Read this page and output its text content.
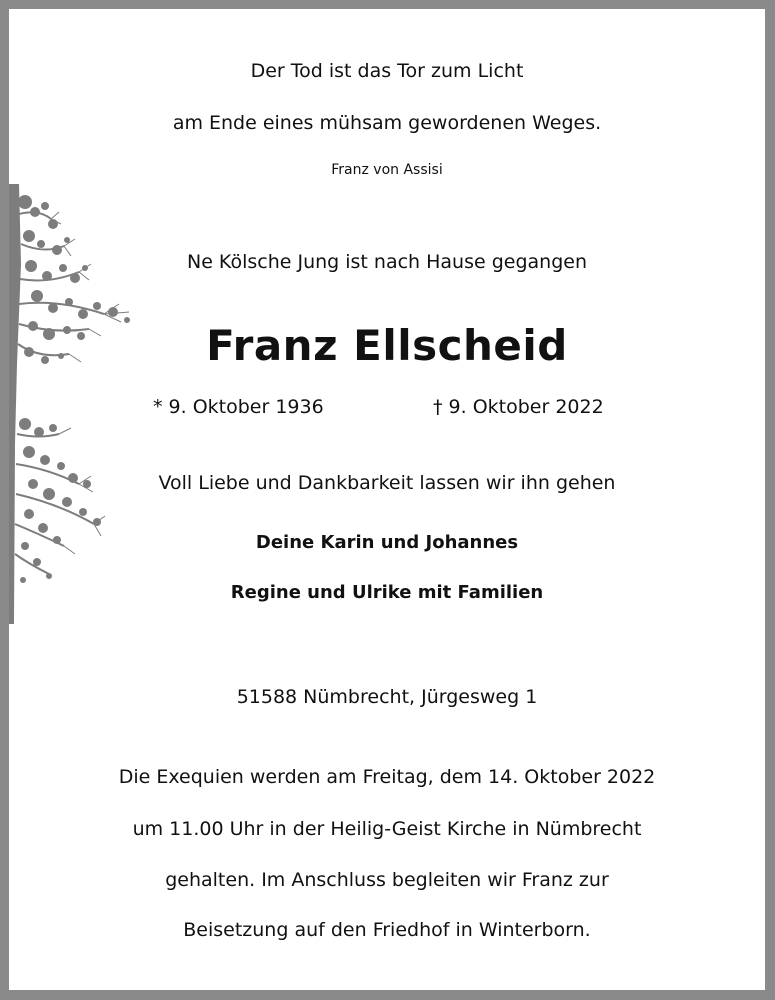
Der Tod ist das Tor zum Licht
am Ende eines mühsam gewordenen Weges.
Franz von Assisi
Ne Kölsche Jung ist nach Hause gegangen
Franz Ellscheid
* 9. Oktober 1936	† 9. Oktober 2022
Voll Liebe und Dankbarkeit lassen wir ihn gehen
Deine Karin und Johannes
Regine und Ulrike mit Familien
51588 Nümbrecht, Jürgesweg 1
Die Exequien werden am Freitag, dem 14. Oktober 2022
um 11.00 Uhr in der Heilig-Geist Kirche in Nümbrecht
gehalten. Im Anschluss begleiten wir Franz zur
Beisetzung auf den Friedhof in Winterborn.
